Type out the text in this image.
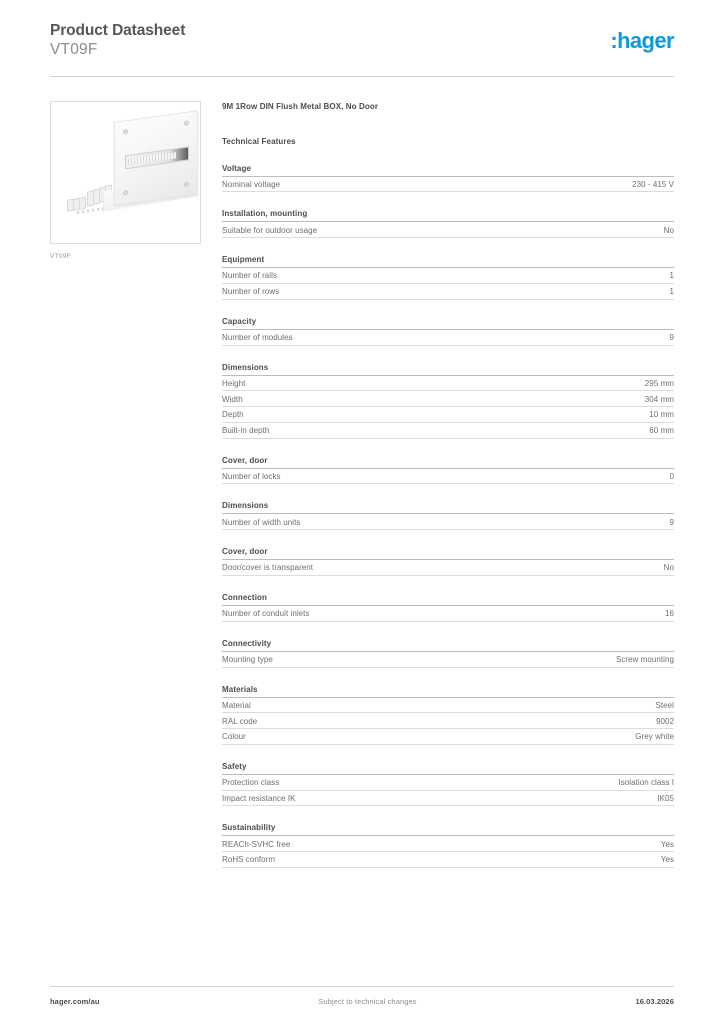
Product Datasheet
VT09F	:hager
VT09F
9M 1Row DIN Flush Metal BOX, No Door
Technical Features
Voltage
Nominal voltage	230 - 415 V
Installation, mounting
Suitable for outdoor usage	No
Equipment
Number of rails	1
Number of rows	1
Capacity
Number of modules	9
Dimensions
Height	295 mm
Width	304 mm
Depth	10 mm
Built-in depth	60 mm
Cover, door
Number of locks	0
Dimensions
Number of width units	9
Cover, door
Door/cover is transparent	No
Connection
Number of conduit inlets	16
Connectivity
Mounting type	Screw mounting
Materials
Material	Steel
RAL code	9002
Colour	Grey white
Safety
Protection class	Isolation class I
Impact resistance IK	IK05
Sustainability
REACh-SVHC free	Yes
RoHS conform	Yes
hager.com/au	Subject to technical changes	16.03.2026
